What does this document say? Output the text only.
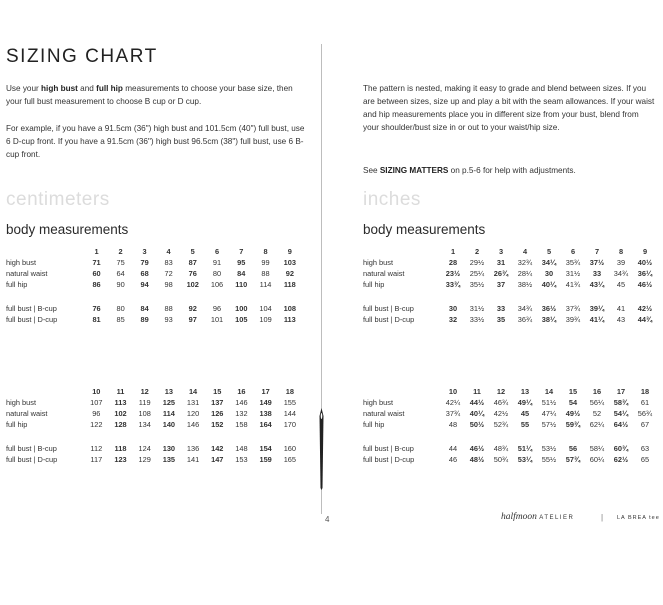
SIZING CHART
Use your high bust and full hip measurements to choose your base size, then your full bust measurement to choose B cup or D cup.
For example, if you have a 91.5cm (36") high bust and 101.5cm (40") full bust, use 6 D-cup front. If you have a 91.5cm (36") high bust 96.5cm (38") full bust, use 6 B-cup front.
The pattern is nested, making it easy to grade and blend between sizes. If you are between sizes, size up and play a bit with the seam allowances. If your waist and hip measurements place you in different size from your bust, blend from your shoulder/bust size in or out to your waist/hip size.
See SIZING MATTERS on p.5-6 for help with adjustments.
centimeters	inches
body measurements	body measurements
	1	2	3	4	5	6	7	8	9
high bust	71	75	79	83	87	91	95	99	103
natural waist	60	64	68	72	76	80	84	88	92
full hip	86	90	94	98	102	106	110	114	118

full bust | B-cup	76	80	84	88	92	96	100	104	108
full bust | D-cup	81	85	89	93	97	101	105	109	113
	10	11	12	13	14	15	16	17	18
high bust	107	113	119	125	131	137	146	149	155
natural waist	96	102	108	114	120	126	132	138	144
full hip	122	128	134	140	146	152	158	164	170

full bust | B-cup	112	118	124	130	136	142	148	154	160
full bust | D-cup	117	123	129	135	141	147	153	159	165
	1	2	3	4	5	6	7	8	9
high bust	28	29½	31	32¾	34¼	35¾	37½	39	40½
natural waist	23½	25¼	26¾	28¼	30	31½	33	34¾	36¼
full hip	33¾	35½	37	38½	40¼	41¾	43¼	45	46½

full bust | B-cup	30	31½	33	34¾	36½	37¾	39¼	41	42½
full bust | D-cup	32	33½	35	36¾	38¼	39¾	41¼	43	44¾
	10	11	12	13	14	15	16	17	18
high bust	42¼	44½	46¾	49¼	51½	54	56¼	58¾	61
natural waist	37¾	40¼	42½	45	47¼	49½	52	54¼	56¾
full hip	48	50½	52¾	55	57½	59¾	62¼	64½	67

full bust | B-cup	44	46½	48¾	51¼	53½	56	58¼	60¾	63
full bust | D-cup	46	48½	50¾	53¼	55½	57¾	60¼	62½	65
4	halfmoon ATELIER	|	LA BREA tee
